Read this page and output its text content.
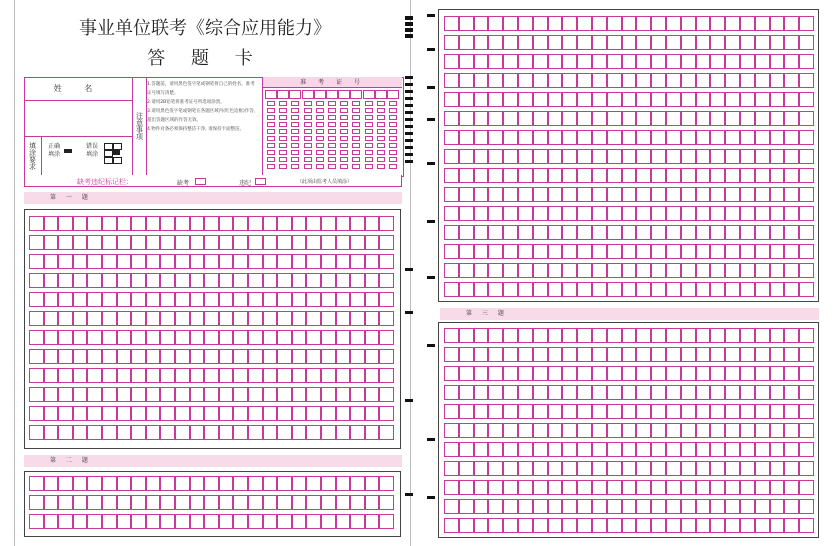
事业单位联考《综合应用能力》
答 题 卡
姓 名
填涂要求	正确
填涂
错误
填涂
注意事项
1.答题前，请用黑色签字笔或钢笔将自己的姓名、准考证号填写清楚。
2.请用2B铅笔将准考证号所选项涂黑。
3.请用黑色签字笔或钢笔在各题区域内(红色边框)作答，超出答题区域的作答无效。
4.物件对条必须保持整洁干净, 请保持卡面整洁。
准 考 证 号
缺考违纪标记栏：	缺考	违纪	（此项由监考人员填涂）
第 一 题
第 二 题
第 三 题
